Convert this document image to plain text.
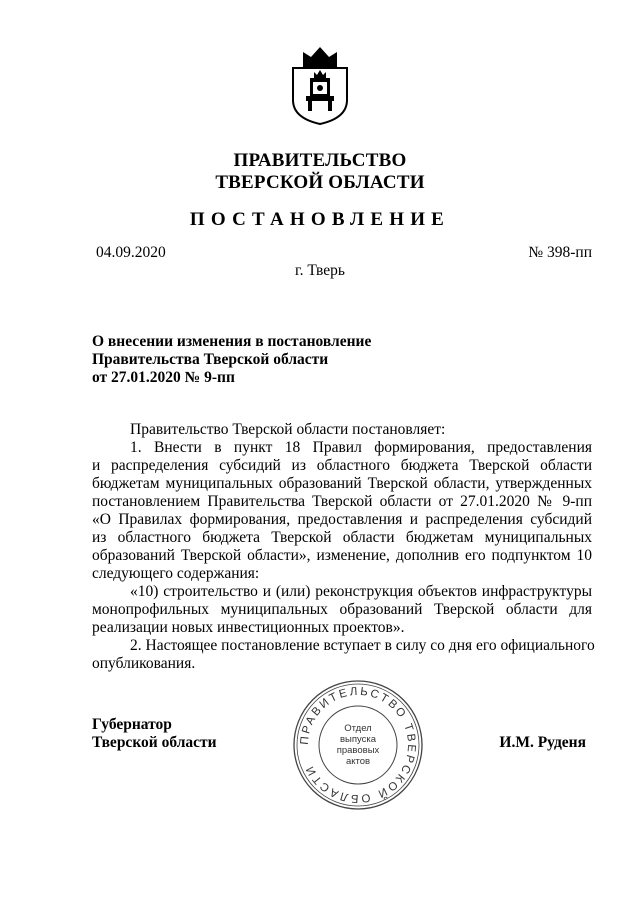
ПРАВИТЕЛЬСТВО
ТВЕРСКОЙ ОБЛАСТИ
ПОСТАНОВЛЕНИЕ
04.09.2020	№ 398-пп
г. Тверь
О внесении изменения в постановление
Правительства Тверской области
от 27.01.2020 № 9-пп
Правительство Тверской области постановляет:
1. Внести в пункт 18 Правил формирования, предоставления
и распределения субсидий из областного бюджета Тверской области
бюджетам муниципальных образований Тверской области, утвержденных
постановлением Правительства Тверской области от 27.01.2020 № 9-пп
«О Правилах формирования, предоставления и распределения субсидий
из областного бюджета Тверской области бюджетам муниципальных
образований Тверской области», изменение, дополнив его подпунктом 10
следующего содержания:
«10) строительство и (или) реконструкция объектов инфраструктуры
монопрофильных муниципальных образований Тверской области для
реализации новых инвестиционных проектов».
2. Настоящее постановление вступает в силу со дня его официального
опубликования.
Губернатор
Тверской области	И.М. Руденя
ПРАВИТЕЛЬСТВО ТВЕРСКОЙ ОБЛАСТИ
Отдел
выпуска
правовых
актов
